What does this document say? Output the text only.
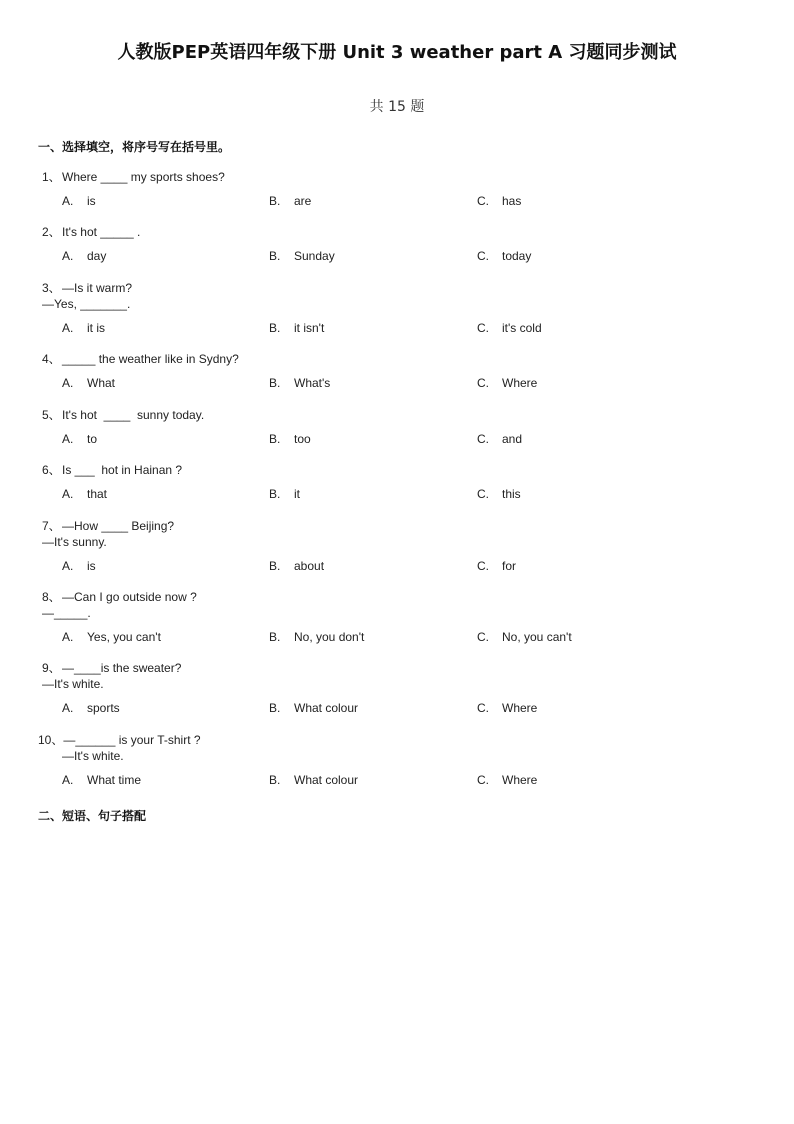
人教版PEP英语四年级下册 Unit 3 weather part A 习题同步测试
共 15 题
一、选择填空，将序号写在括号里。
1、Where ____ my sports shoes?
A. is	B. are	C. has
2、It's hot _____ .
A. day	B. Sunday	C. today
3、—Is it warm?
—Yes, _______.
A. it is	B. it isn't	C. it's cold
4、_____ the weather like in Sydny?
A. What	B. What's	C. Where
5、It's hot  ____  sunny today.
A. to	B. too	C. and
6、Is ___  hot in Hainan ?
A. that	B. it	C. this
7、—How ____ Beijing?
—It's sunny.
A. is	B. about	C. for
8、—Can I go outside now ?
—_____.
A. Yes, you can't	B. No, you don't	C. No, you can't
9、—____is the sweater?
—It's white.
A. sports	B. What colour	C. Where
10、—______ is your T-shirt ?
—It's white.
A. What time	B. What colour	C. Where
二、短语、句子搭配
